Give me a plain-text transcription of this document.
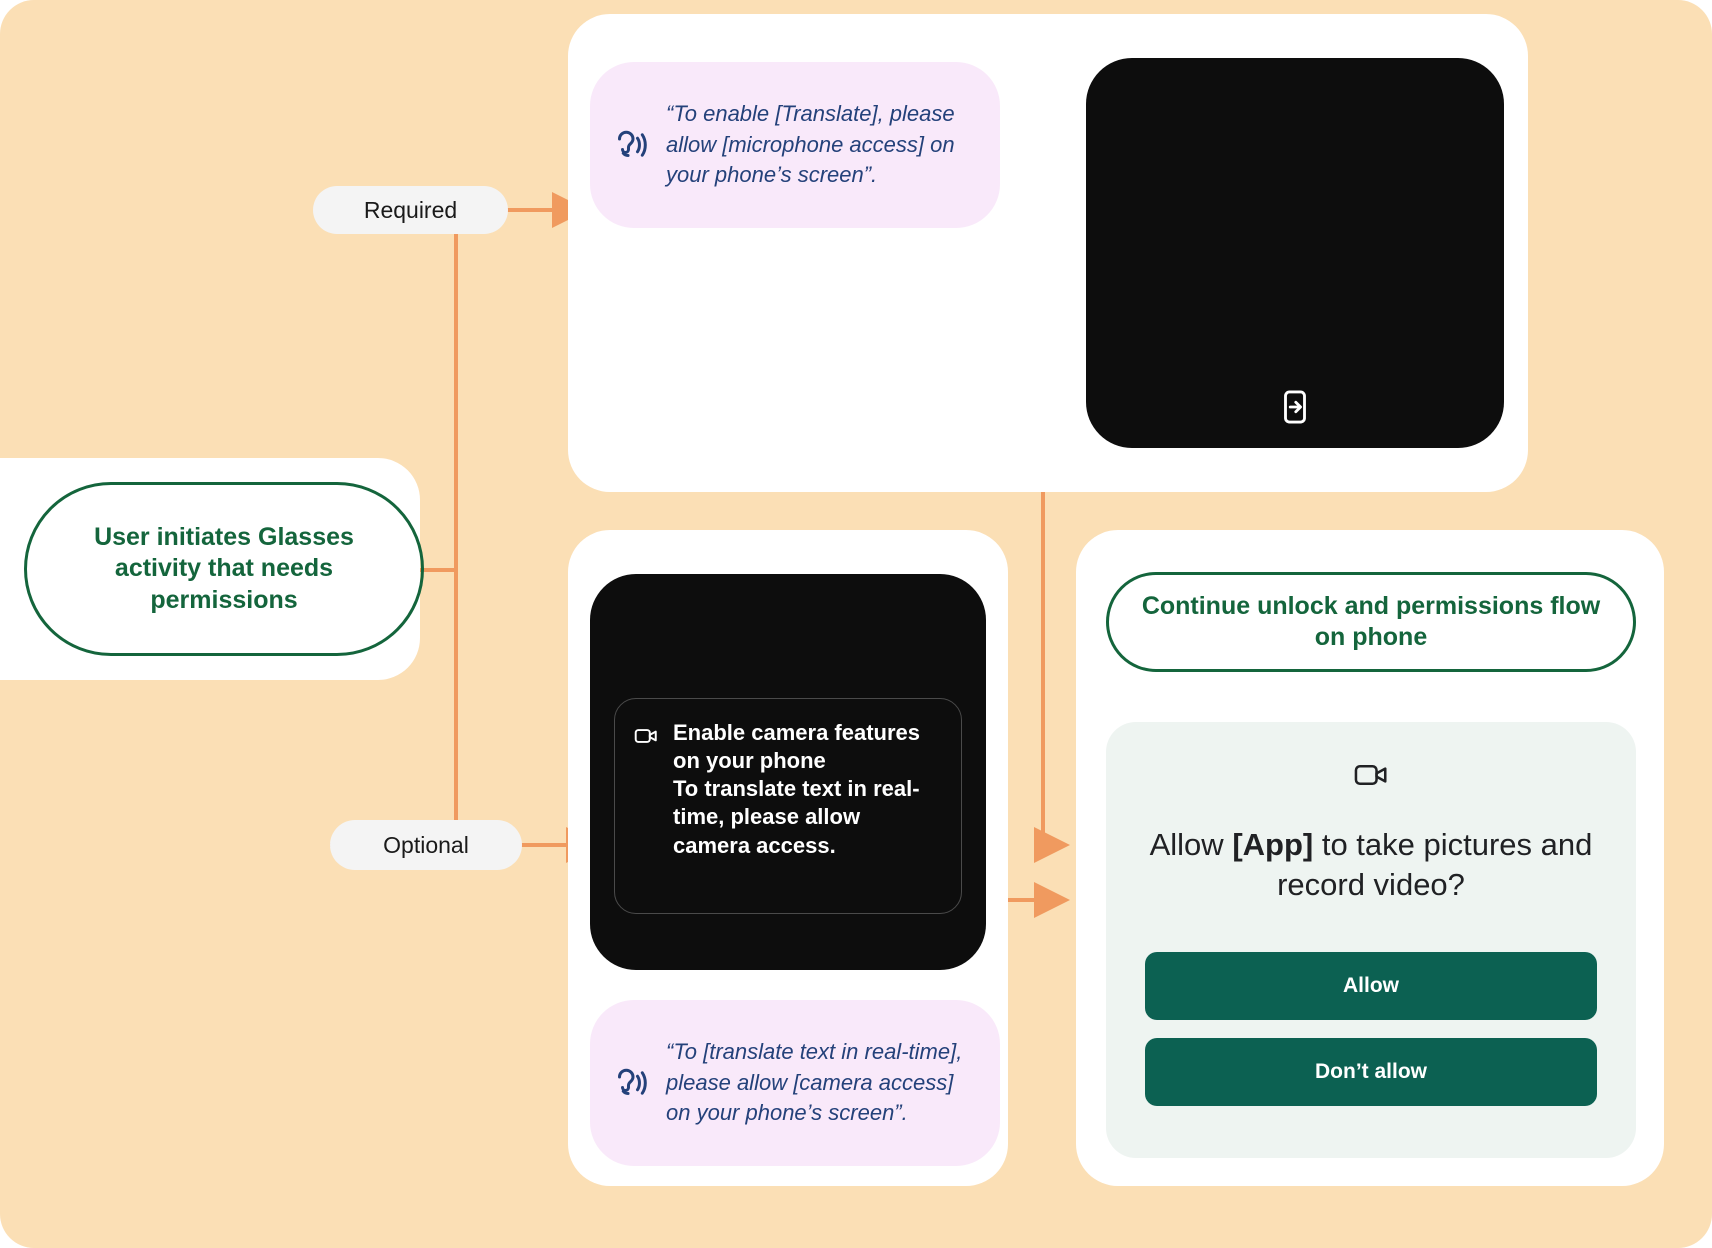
User initiates Glasses activity that needs permissions
Required
Optional
“To enable [Translate], please allow [microphone access] on your phone’s screen”.
Enable camera features on your phone
To translate text in real-time, please allow camera access.
“To [translate text in real-time], please allow [camera access] on your phone’s screen”.
Continue unlock and permissions flow on phone
Allow [App] to take pictures and record video?
Allow
Don’t allow
